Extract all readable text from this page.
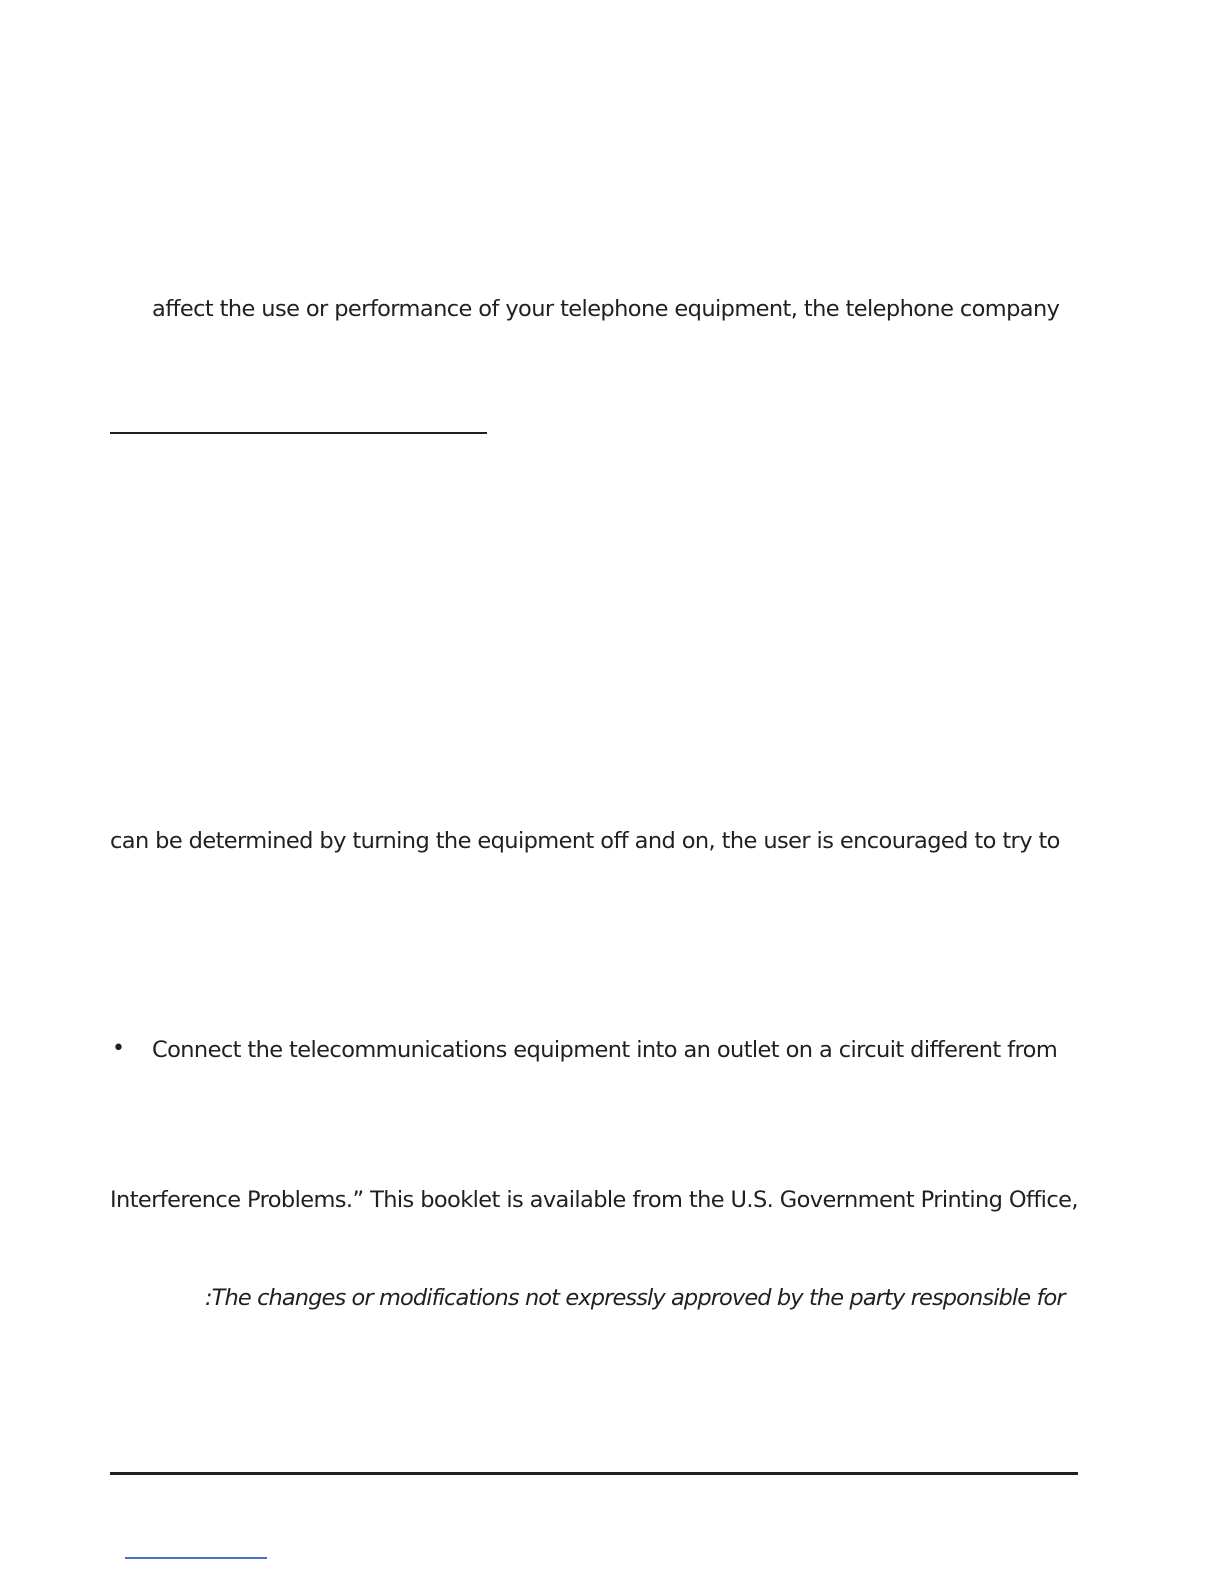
affect the use or performance of your telephone equipment, the telephone company
can be determined by turning the equipment off and on, the user is encouraged to try to
• Connect the telecommunications equipment into an outlet on a circuit different from
Interference Problems.” This booklet is available from the U.S. Government Printing Office,
:The changes or modifications not expressly approved by the party responsible for
